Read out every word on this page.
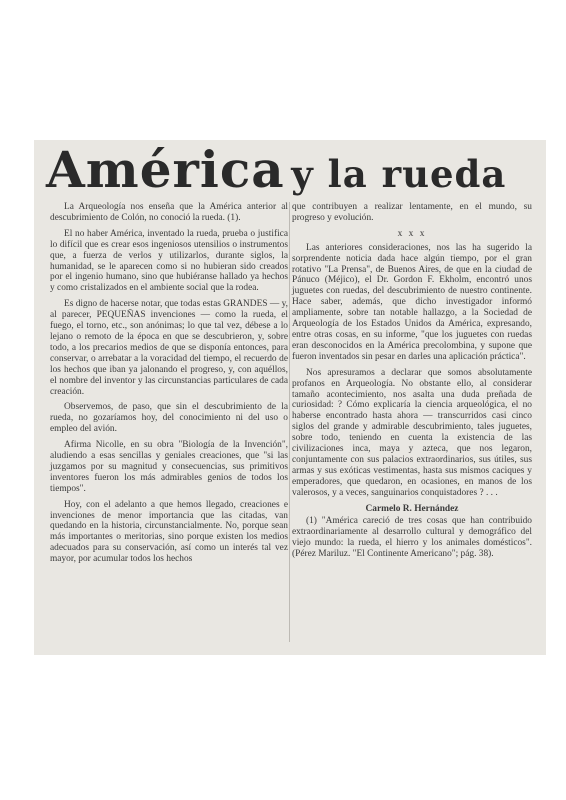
América y la rueda

La Arqueología nos enseña que la América anterior al descubrimiento de Colón, no conoció la rueda. (1).

El no haber América, inventado la rueda, prueba o justifica lo difícil que es crear esos ingeniosos utensilios o instrumentos que, a fuerza de verlos y utilizarlos, durante siglos, la humanidad, se le aparecen como si no hubieran sido creados por el ingenio humano, sino que hubiéranse hallado ya hechos y como cristalizados en el ambiente social que la rodea.

Es digno de hacerse notar, que todas estas GRANDES — y, al parecer, PEQUEÑAS invenciones — como la rueda, el fuego, el torno, etc., son anónimas; lo que tal vez, débese a lo lejano o remoto de la época en que se descubrieron, y, sobre todo, a los precarios medios de que se disponía entonces, para conservar, o arrebatar a la voracidad del tiempo, el recuerdo de los hechos que iban ya jalonando el progreso, y, con aquéllos, el nombre del inventor y las circunstancias particulares de cada creación.

Observemos, de paso, que sin el descubrimiento de la rueda, no gozaríamos hoy, del conocimiento ni del uso o empleo del avión.

Afirma Nicolle, en su obra "Biología de la Invención", aludiendo a esas sencillas y geniales creaciones, que "si las juzgamos por su magnitud y consecuencias, sus primitivos inventores fueron los más admirables genios de todos los tiempos".

Hoy, con el adelanto a que hemos llegado, creaciones e invenciones de menor importancia que las citadas, van quedando en la historia, circunstancialmente. No, porque sean más importantes o meritorias, sino porque existen los medios adecuados para su conservación, así como un interés tal vez mayor, por acumular todos los hechos

que contribuyen a realizar lentamente, en el mundo, su progreso y evolución.

x x x

Las anteriores consideraciones, nos las ha sugerido la sorprendente noticia dada hace algún tiempo, por el gran rotativo "La Prensa", de Buenos Aires, de que en la ciudad de Pánuco (Méjico), el Dr. Gordon F. Ekholm, encontró unos juguetes con ruedas, del descubrimiento de nuestro continente. Hace saber, además, que dicho investigador informó ampliamente, sobre tan notable hallazgo, a la Sociedad de Arqueología de los Estados Unidos da América, expresando, entre otras cosas, en su informe, "que los juguetes con ruedas eran desconocidos en la América precolombina, y supone que fueron inventados sin pesar en darles una aplicación práctica".

Nos apresuramos a declarar que somos absolutamente profanos en Arqueología. No obstante ello, al considerar tamaño acontecimiento, nos asalta una duda preñada de curiosidad: ? Cómo explicaría la ciencia arqueológica, el no haberse encontrado hasta ahora — transcurridos casi cinco siglos del grande y admirable descubrimiento, tales juguetes, sobre todo, teniendo en cuenta la existencia de las civilizaciones inca, maya y azteca, que nos legaron, conjuntamente con sus palacios extraordinarios, sus útiles, sus armas y sus exóticas vestimentas, hasta sus mismos caciques y emperadores, que quedaron, en ocasiones, en manos de los valerosos, y a veces, sanguinarios conquistadores ? . . .

Carmelo R. Hernández

(1) "América careció de tres cosas que han contribuido extraordinariamente al desarrollo cultural y demográfico del viejo mundo: la rueda, el hierro y los animales domésticos". (Pérez Mariluz. "El Continente Americano"; pág. 38).
